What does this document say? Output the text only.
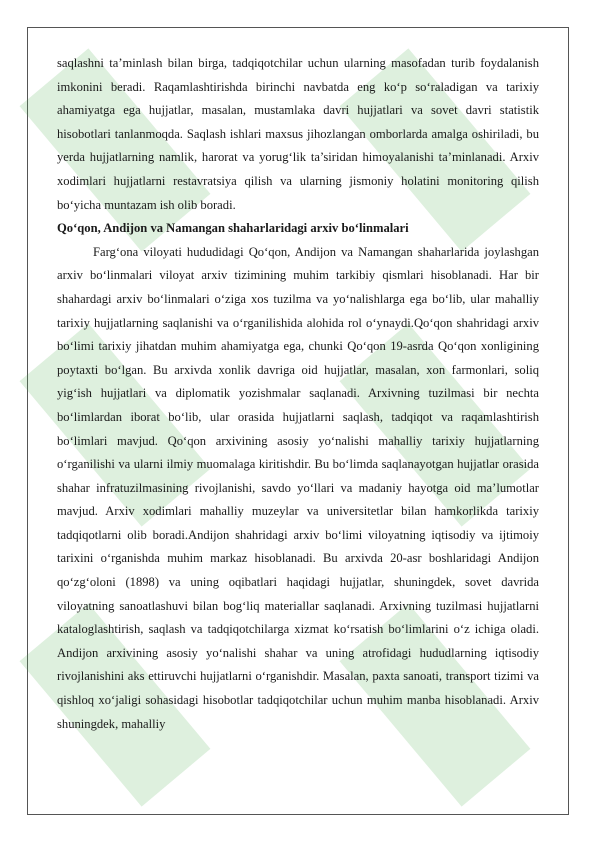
saqlashni ta’minlash bilan birga, tadqiqotchilar uchun ularning masofadan turib foydalanish imkonini beradi. Raqamlashtirishda birinchi navbatda eng ko‘p so‘raladigan va tarixiy ahamiyatga ega hujjatlar, masalan, mustamlaka davri hujjatlari va sovet davri statistik hisobotlari tanlanmoqda. Saqlash ishlari maxsus jihozlangan omborlarda amalga oshiriladi, bu yerda hujjatlarning namlik, harorat va yorug‘lik ta’siridan himoyalanishi ta’minlanadi. Arxiv xodimlari hujjatlarni restavratsiya qilish va ularning jismoniy holatini monitoring qilish bo‘yicha muntazam ish olib boradi.

Qo‘qon, Andijon va Namangan shaharlaridagi arxiv bo‘linmalari

Farg‘ona viloyati hududidagi Qo‘qon, Andijon va Namangan shaharlarida joylashgan arxiv bo‘linmalari viloyat arxiv tizimining muhim tarkibiy qismlari hisoblanadi. Har bir shahardagi arxiv bo‘linmalari o‘ziga xos tuzilma va yo‘nalishlarga ega bo‘lib, ular mahalliy tarixiy hujjatlarning saqlanishi va o‘rganilishida alohida rol o‘ynaydi.Qo‘qon shahridagi arxiv bo‘limi tarixiy jihatdan muhim ahamiyatga ega, chunki Qo‘qon 19-asrda Qo‘qon xonligining poytaxti bo‘lgan. Bu arxivda xonlik davriga oid hujjatlar, masalan, xon farmonlari, soliq yig‘ish hujjatlari va diplomatik yozishmalar saqlanadi. Arxivning tuzilmasi bir nechta bo‘limlardan iborat bo‘lib, ular orasida hujjatlarni saqlash, tadqiqot va raqamlashtirish bo‘limlari mavjud. Qo‘qon arxivining asosiy yo‘nalishi mahalliy tarixiy hujjatlarning o‘rganilishi va ularni ilmiy muomalaga kiritishdir. Bu bo‘limda saqlanayotgan hujjatlar orasida shahar infratuzilmasining rivojlanishi, savdo yo‘llari va madaniy hayotga oid ma’lumotlar mavjud. Arxiv xodimlari mahalliy muzeylar va universitetlar bilan hamkorlikda tarixiy tadqiqotlarni olib boradi.Andijon shahridagi arxiv bo‘limi viloyatning iqtisodiy va ijtimoiy tarixini o‘rganishda muhim markaz hisoblanadi. Bu arxivda 20-asr boshlaridagi Andijon qo‘zg‘oloni (1898) va uning oqibatlari haqidagi hujjatlar, shuningdek, sovet davrida viloyatning sanoatlashuvi bilan bog‘liq materiallar saqlanadi. Arxivning tuzilmasi hujjatlarni kataloglashtirish, saqlash va tadqiqotchilarga xizmat ko‘rsatish bo‘limlarini o‘z ichiga oladi. Andijon arxivining asosiy yo‘nalishi shahar va uning atrofidagi hududlarning iqtisodiy rivojlanishini aks ettiruvchi hujjatlarni o‘rganishdir. Masalan, paxta sanoati, transport tizimi va qishloq xo‘jaligi sohasidagi hisobotlar tadqiqotchilar uchun muhim manba hisoblanadi. Arxiv shuningdek, mahalliy
